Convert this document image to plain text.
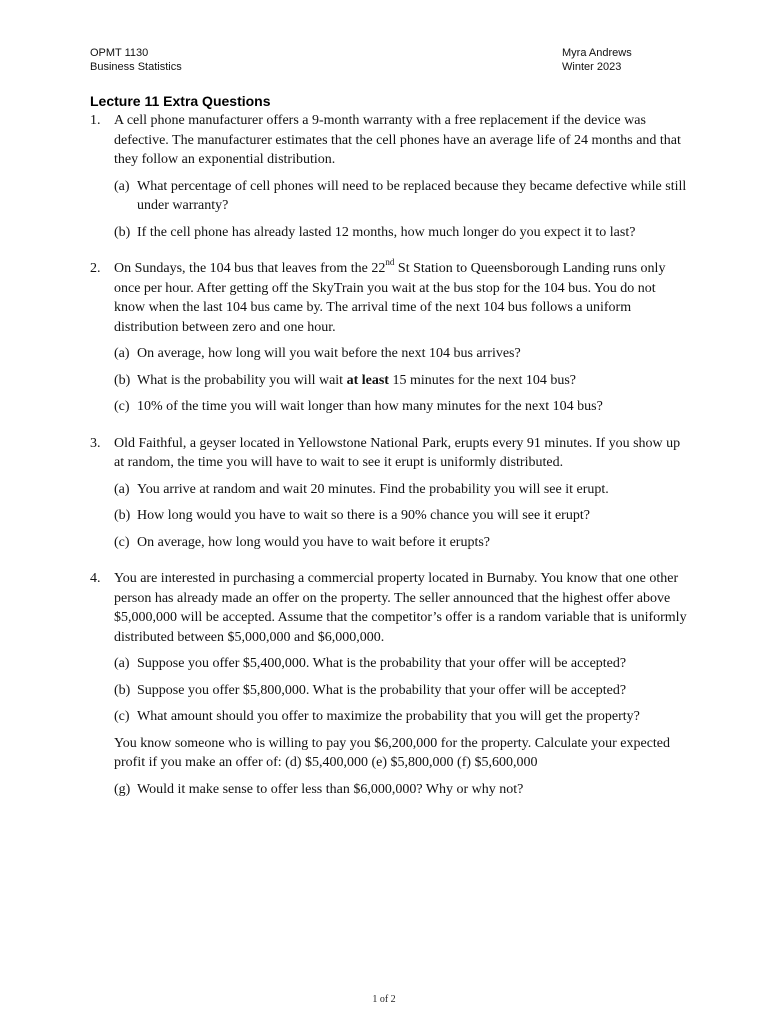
OPMT 1130
Business Statistics
Myra Andrews
Winter 2023
Lecture 11 Extra Questions
1. A cell phone manufacturer offers a 9-month warranty with a free replacement if the device was defective. The manufacturer estimates that the cell phones have an average life of 24 months and that they follow an exponential distribution.

(a) What percentage of cell phones will need to be replaced because they became defective while still under warranty?
(b) If the cell phone has already lasted 12 months, how much longer do you expect it to last?
2. On Sundays, the 104 bus that leaves from the 22nd St Station to Queensborough Landing runs only once per hour. After getting off the SkyTrain you wait at the bus stop for the 104 bus. You do not know when the last 104 bus came by. The arrival time of the next 104 bus follows a uniform distribution between zero and one hour.

(a) On average, how long will you wait before the next 104 bus arrives?
(b) What is the probability you will wait at least 15 minutes for the next 104 bus?
(c) 10% of the time you will wait longer than how many minutes for the next 104 bus?
3. Old Faithful, a geyser located in Yellowstone National Park, erupts every 91 minutes. If you show up at random, the time you will have to wait to see it erupt is uniformly distributed.

(a) You arrive at random and wait 20 minutes. Find the probability you will see it erupt.
(b) How long would you have to wait so there is a 90% chance you will see it erupt?
(c) On average, how long would you have to wait before it erupts?
4. You are interested in purchasing a commercial property located in Burnaby. You know that one other person has already made an offer on the property. The seller announced that the highest offer above $5,000,000 will be accepted. Assume that the competitor’s offer is a random variable that is uniformly distributed between $5,000,000 and $6,000,000.

(a) Suppose you offer $5,400,000. What is the probability that your offer will be accepted?
(b) Suppose you offer $5,800,000. What is the probability that your offer will be accepted?
(c) What amount should you offer to maximize the probability that you will get the property?

You know someone who is willing to pay you $6,200,000 for the property. Calculate your expected profit if you make an offer of: (d) $5,400,000 (e) $5,800,000 (f) $5,600,000

(g) Would it make sense to offer less than $6,000,000? Why or why not?
1 of 2
